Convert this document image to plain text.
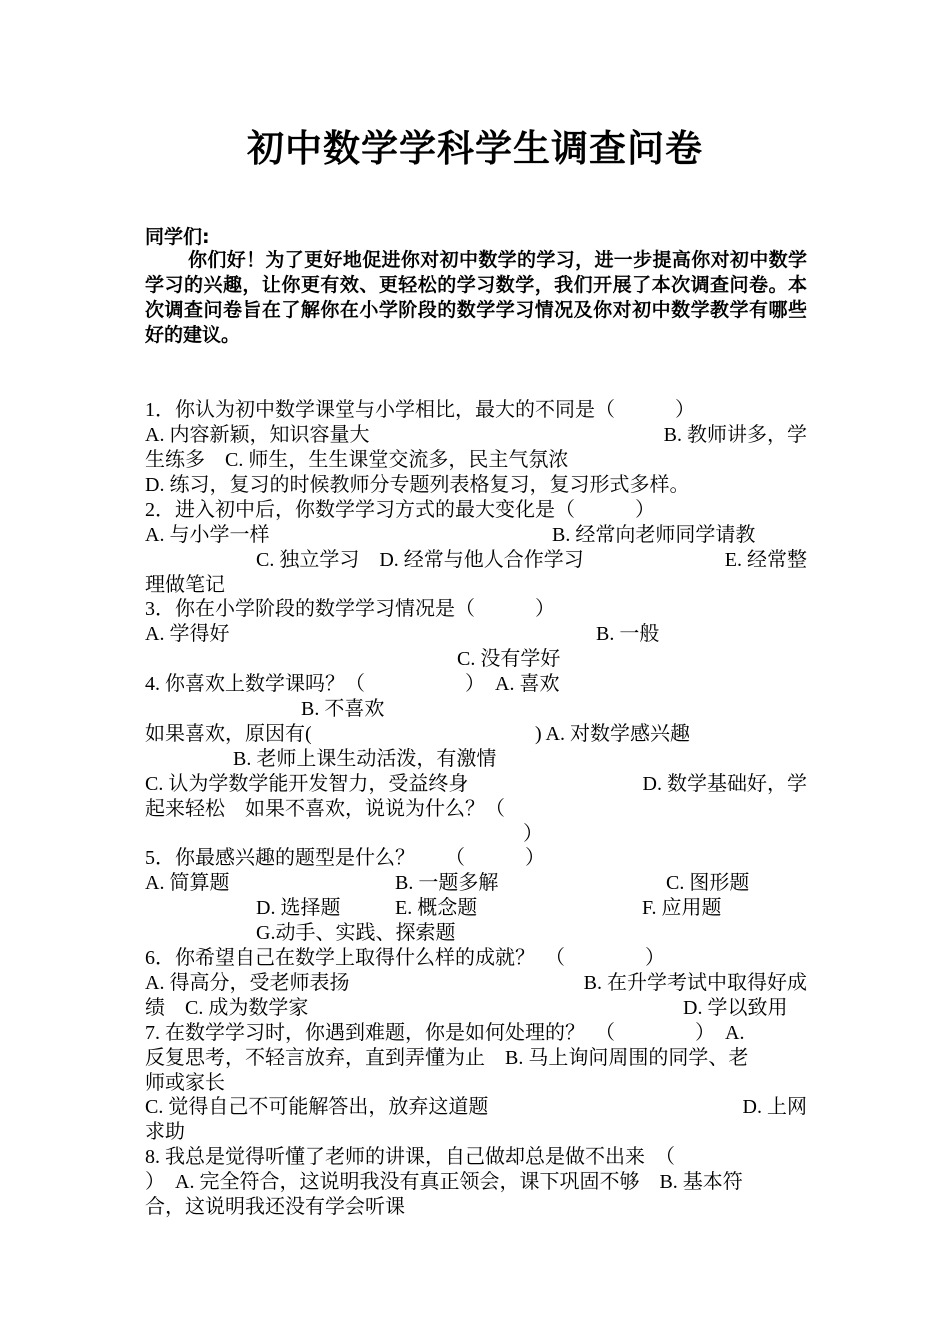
初中数学学科学生调查问卷
同学们:
你们好！为了更好地促进你对初中数学的学习，进一步提高你对初中数学学习的兴趣，让你更有效、更轻松的学习数学，我们开展了本次调查问卷。本次调查问卷旨在了解你在小学阶段的数学学习情况及你对初中数学教学有哪些好的建议。
1．你认为初中数学课堂与小学相比，最大的不同是（　　　）
A. 内容新颖，知识容量大	B. 教师讲多，学
生练多　C. 师生，生生课堂交流多，民主气氛浓
D. 练习，复习的时候教师分专题列表格复习，复习形式多样。
2．进入初中后，你数学学习方式的最大变化是（　　　）
A. 与小学一样	B. 经常向老师同学请教
C. 独立学习　D. 经常与他人合作学习	E. 经常整
理做笔记
3．你在小学阶段的数学学习情况是（　　　）
A. 学得好	B. 一般
C. 没有学好
4. 你喜欢上数学课吗？（　　　　　）　A. 喜欢
B. 不喜欢
如果喜欢，原因有(	) A. 对数学感兴趣
B. 老师上课生动活泼，有激情
C. 认为学数学能开发智力，受益终身	D. 数学基础好，学
起来轻松　如果不喜欢，说说为什么？（
）
5．你最感兴趣的题型是什么？　　（　　　）
A. 简算题	B. 一题多解	C. 图形题
D. 选择题	E. 概念题	F. 应用题
G.动手、实践、探索题
6．你希望自己在数学上取得什么样的成就？　（　　　　）
A. 得高分，受老师表扬	B. 在升学考试中取得好成
绩　C. 成为数学家	D. 学以致用
7. 在数学学习时，你遇到难题，你是如何处理的？　（　　　　）　A.
反复思考，不轻言放弃，直到弄懂为止　B. 马上询问周围的同学、老
师或家长
C. 觉得自己不可能解答出，放弃这道题	D. 上网
求助
8. 我总是觉得听懂了老师的讲课，自己做却总是做不出来　（
）　A. 完全符合，这说明我没有真正领会，课下巩固不够　B. 基本符
合，这说明我还没有学会听课
